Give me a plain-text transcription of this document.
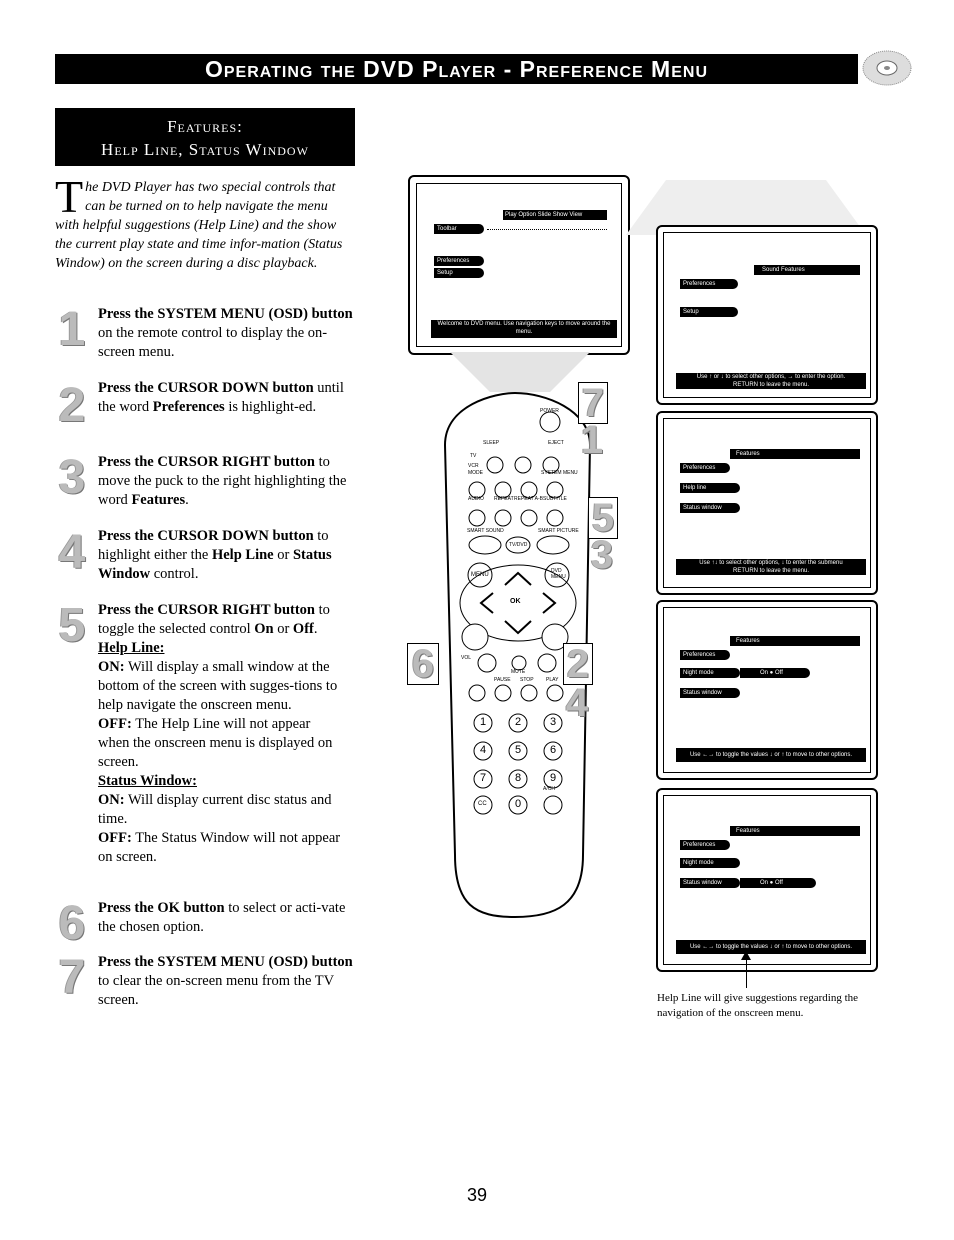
Operating the DVD Player - Preference Menu
Features:
Help Line, Status Window
The DVD Player has two special controls that can be turned on to help navigate the menu with helpful suggestions (Help Line) and the show the current play state and time infor-mation (Status Window) on the screen during a disc playback.
1 Press the SYSTEM MENU (OSD) button on the remote control to display the on-screen menu.
2 Press the CURSOR DOWN button until the word Preferences is highlight-ed.
3 Press the CURSOR RIGHT button to move the puck to the right highlighting the word Features.
4 Press the CURSOR DOWN button to highlight either the Help Line or Status Window control.
5 Press the CURSOR RIGHT button to toggle the selected control On or Off.
Help Line:
ON: Will display a small window at the bottom of the screen with sugges-tions to help navigate the onscreen menu.
OFF: The Help Line will not appear when the onscreen menu is displayed on screen.
Status Window:
ON: Will display current disc status and time.
OFF: The Status Window will not appear on screen.
6 Press the OK button to select or acti-vate the chosen option.
7 Press the SYSTEM MENU (OSD) button to clear the on-screen menu from the TV screen.
Play Option Slide Show View
Toolbar
Preferences
Setup
Welcome to DVD menu. Use navigation keys to move around the menu.
POWER
SLEEP	EJECT
TV
VCR
MODE	SYSTEM MENU
AUDIO REPEAT REPEAT A-B SUBTITLE
SMART SOUND	SMART PICTURE
TV/DVD
MENU
DVD MENU
OK
VOL
MUTE
PAUSE STOP PLAY
A/CH
1	2	3
4	5	6
7	8	9
CC	0
7
1
5
3
6	2
4
Sound Features
Preferences
Setup
Use ↑ or ↓ to select other options, → to enter the option.
RETURN to leave the menu.
Features
Preferences
Help line
Status window
Use ↑↓ to select other options, ↓ to enter the submenu
RETURN to leave the menu.
Features
Preferences
Night mode	On ● Off
Status window
Use ←→ to toggle the values ↓ or ↑ to move to other options.
Features
Preferences
Night mode
Status window	On ● Off
Use ←→ to toggle the values ↓ or ↑ to move to other options.
Help Line will give suggestions regarding the navigation of the onscreen menu.
39
